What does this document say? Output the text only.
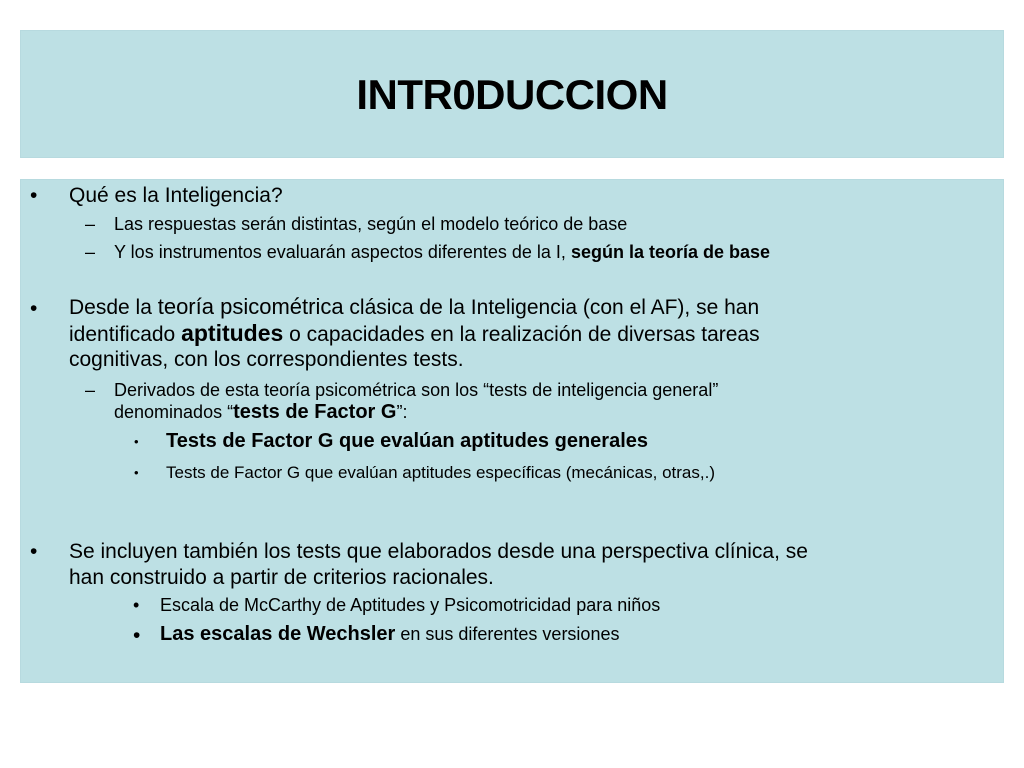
INTR0DUCCION
• Qué es la Inteligencia?
– Las respuestas serán distintas, según el modelo teórico de base
– Y los instrumentos evaluarán aspectos diferentes de la I, según la teoría de base
• Desde la teoría psicométrica clásica de la Inteligencia (con el AF), se han
identificado aptitudes o capacidades en la realización de diversas tareas
cognitivas, con los correspondientes tests.
– Derivados de esta teoría psicométrica son los “tests de inteligencia general”
denominados “tests de Factor G”:
• Tests de Factor G que evalúan aptitudes generales
• Tests de Factor G que evalúan aptitudes específicas (mecánicas, otras,.)
• Se incluyen también los tests que elaborados desde una perspectiva clínica, se
han construido a partir de criterios racionales.
• Escala de McCarthy de Aptitudes y Psicomotricidad para niños
• Las escalas de Wechsler en sus diferentes versiones
